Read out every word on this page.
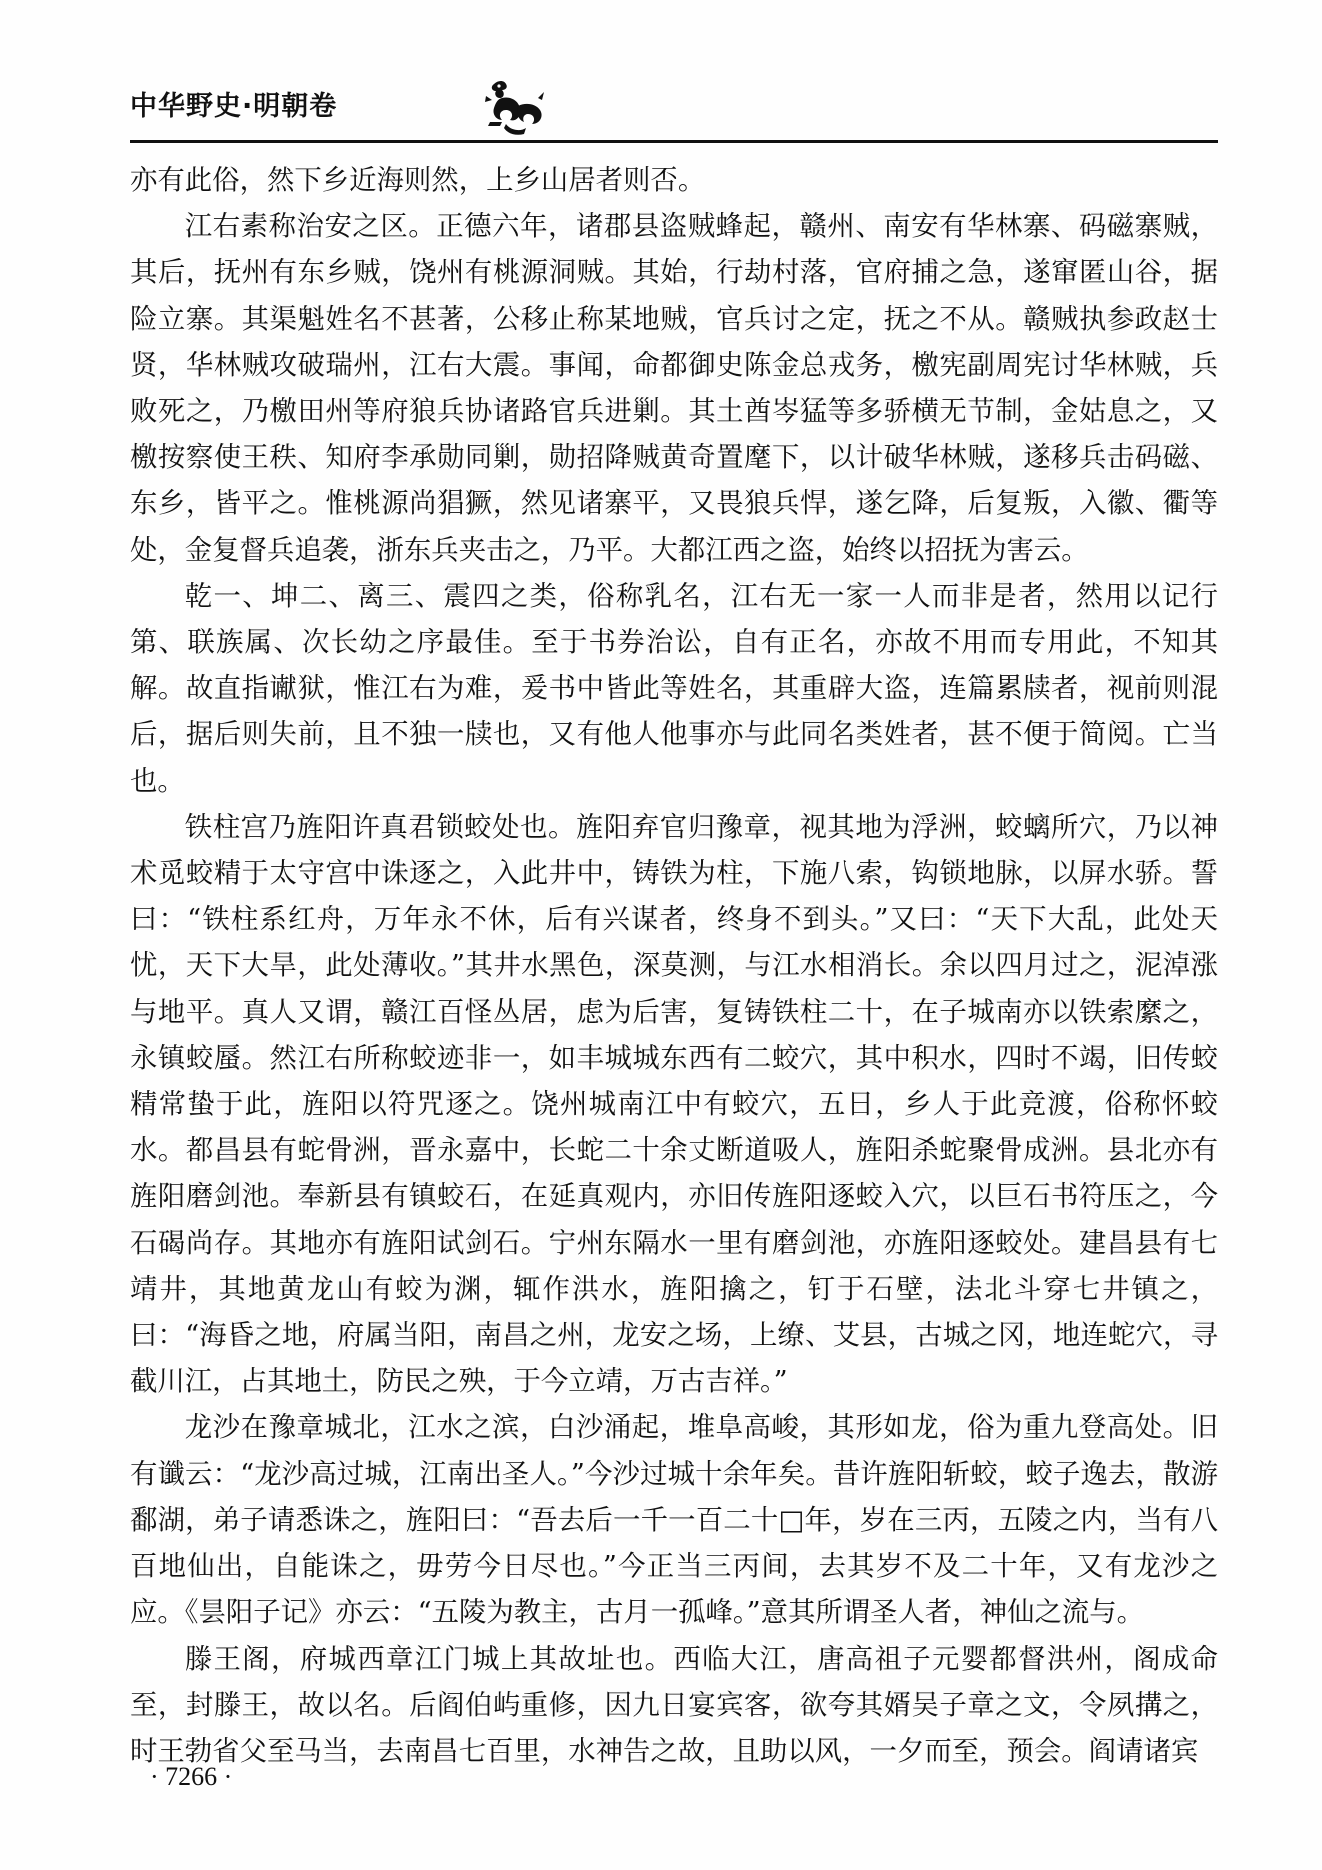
中华野史·明朝卷

亦有此俗，然下乡近海则然，上乡山居者则否。

江右素称治安之区。正德六年，诸郡县盗贼蜂起，赣州、南安有华林寨、码磁寨贼，其后，抚州有东乡贼，饶州有桃源洞贼。其始，行劫村落，官府捕之急，遂窜匿山谷，据险立寨。其渠魁姓名不甚著，公移止称某地贼，官兵讨之定，抚之不从。赣贼执参政赵士贤，华林贼攻破瑞州，江右大震。事闻，命都御史陈金总戎务，檄宪副周宪讨华林贼，兵败死之，乃檄田州等府狼兵协诸路官兵进剿。其土酋岑猛等多骄横无节制，金姑息之，又檄按察使王秩、知府李承勋同剿，勋招降贼黄奇置麾下，以计破华林贼，遂移兵击码磁、东乡，皆平之。惟桃源尚猖獗，然见诸寨平，又畏狼兵悍，遂乞降，后复叛，入徽、衢等处，金复督兵追袭，浙东兵夹击之，乃平。大都江西之盗，始终以招抚为害云。

乾一、坤二、离三、震四之类，俗称乳名，江右无一家一人而非是者，然用以记行第、联族属、次长幼之序最佳。至于书券治讼，自有正名，亦故不用而专用此，不知其解。故直指谳狱，惟江右为难，爰书中皆此等姓名，其重辟大盗，连篇累牍者，视前则混后，据后则失前，且不独一牍也，又有他人他事亦与此同名类姓者，甚不便于简阅。亡当也。

铁柱宫乃旌阳许真君锁蛟处也。旌阳弃官归豫章，视其地为浮洲，蛟螭所穴，乃以神术觅蛟精于太守宫中诛逐之，入此井中，铸铁为柱，下施八索，钩锁地脉，以屏水骄。誓曰：“铁柱系红舟，万年永不休，后有兴谋者，终身不到头。”又曰：“天下大乱，此处天忧，天下大旱，此处薄收。”其井水黑色，深莫测，与江水相消长。余以四月过之，泥淖涨与地平。真人又谓，赣江百怪丛居，虑为后害，复铸铁柱二十，在子城南亦以铁索縻之，永镇蛟蜃。然江右所称蛟迹非一，如丰城城东西有二蛟穴，其中积水，四时不竭，旧传蛟精常蛰于此，旌阳以符咒逐之。饶州城南江中有蛟穴，五日，乡人于此竞渡，俗称怀蛟水。都昌县有蛇骨洲，晋永嘉中，长蛇二十余丈断道吸人，旌阳杀蛇聚骨成洲。县北亦有旌阳磨剑池。奉新县有镇蛟石，在延真观内，亦旧传旌阳逐蛟入穴，以巨石书符压之，今石碣尚存。其地亦有旌阳试剑石。宁州东隔水一里有磨剑池，亦旌阳逐蛟处。建昌县有七靖井，其地黄龙山有蛟为渊，辄作洪水，旌阳擒之，钉于石壁，法北斗穿七井镇之，曰：“海昏之地，府属当阳，南昌之州，龙安之场，上缭、艾县，古城之冈，地连蛇穴，寻截川江，占其地土，防民之殃，于今立靖，万古吉祥。”

龙沙在豫章城北，江水之滨，白沙涌起，堆阜高峻，其形如龙，俗为重九登高处。旧有谶云：“龙沙高过城，江南出圣人。”今沙过城十余年矣。昔许旌阳斩蛟，蛟子逸去，散游鄱湖，弟子请悉诛之，旌阳曰：“吾去后一千一百二十□年，岁在三丙，五陵之内，当有八百地仙出，自能诛之，毋劳今日尽也。”今正当三丙间，去其岁不及二十年，又有龙沙之应。《昙阳子记》亦云：“五陵为教主，古月一孤峰。”意其所谓圣人者，神仙之流与。

滕王阁，府城西章江门城上其故址也。西临大江，唐高祖子元婴都督洪州，阁成命至，封滕王，故以名。后阎伯屿重修，因九日宴宾客，欲夸其婿吴子章之文，令夙搆之，时王勃省父至马当，去南昌七百里，水神告之故，且助以风，一夕而至，预会。阎请诸宾

· 7266 ·
